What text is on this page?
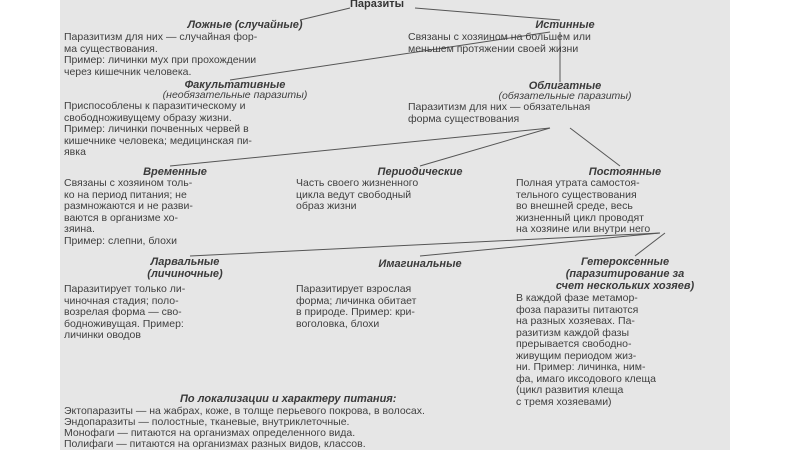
Паразиты
Ложные (случайные)
Паразитизм для них — случайная фор-
ма существования.
Пример: личинки мух при прохождении
через кишечник человека.
Истинные
Связаны с хозяином на большем или
меньшем протяжении своей жизни
Факультативные
(необязательные паразиты)
Приспособлены к паразитическому и
свободноживущему образу жизни.
Пример: личинки почвенных червей в
кишечнике человека; медицинская пи-
явка
Облигатные
(обязательные паразиты)
Паразитизм для них — обязательная
форма существования
Временные
Связаны с хозяином толь-
ко на период питания; не
размножаются и не разви-
ваются в организме хо-
зяина.
Пример: слепни, блохи
Периодические
Часть своего жизненного
цикла ведут свободный
образ жизни
Постоянные
Полная утрата самостоя-
тельного существования
во внешней среде, весь
жизненный цикл проводят
на хозяине или внутри него
Ларвальные
(личиночные)
Паразитирует только ли-
чиночная стадия; поло-
возрелая форма — сво-
бодноживущая. Пример:
личинки оводов
Имагинальные
Паразитирует взрослая
форма; личинка обитает
в природе. Пример: кри-
воголовка, блохи
Гетероксенные
(паразитирование за
счет нескольких хозяев)
В каждой фазе метамор-
фоза паразиты питаются
на разных хозяевах. Па-
разитизм каждой фазы
прерывается свободно-
живущим периодом жиз-
ни. Пример: личинка, ним-
фа, имаго иксодового клеща
(цикл развития клеща
с тремя хозяевами)
По локализации и характеру питания:
Эктопаразиты — на жабрах, коже, в толще перьевого покрова, в волосах.
Эндопаразиты — полостные, тканевые, внутриклеточные.
Монофаги — питаются на организмах определенного вида.
Полифаги — питаются на организмах разных видов, классов.
